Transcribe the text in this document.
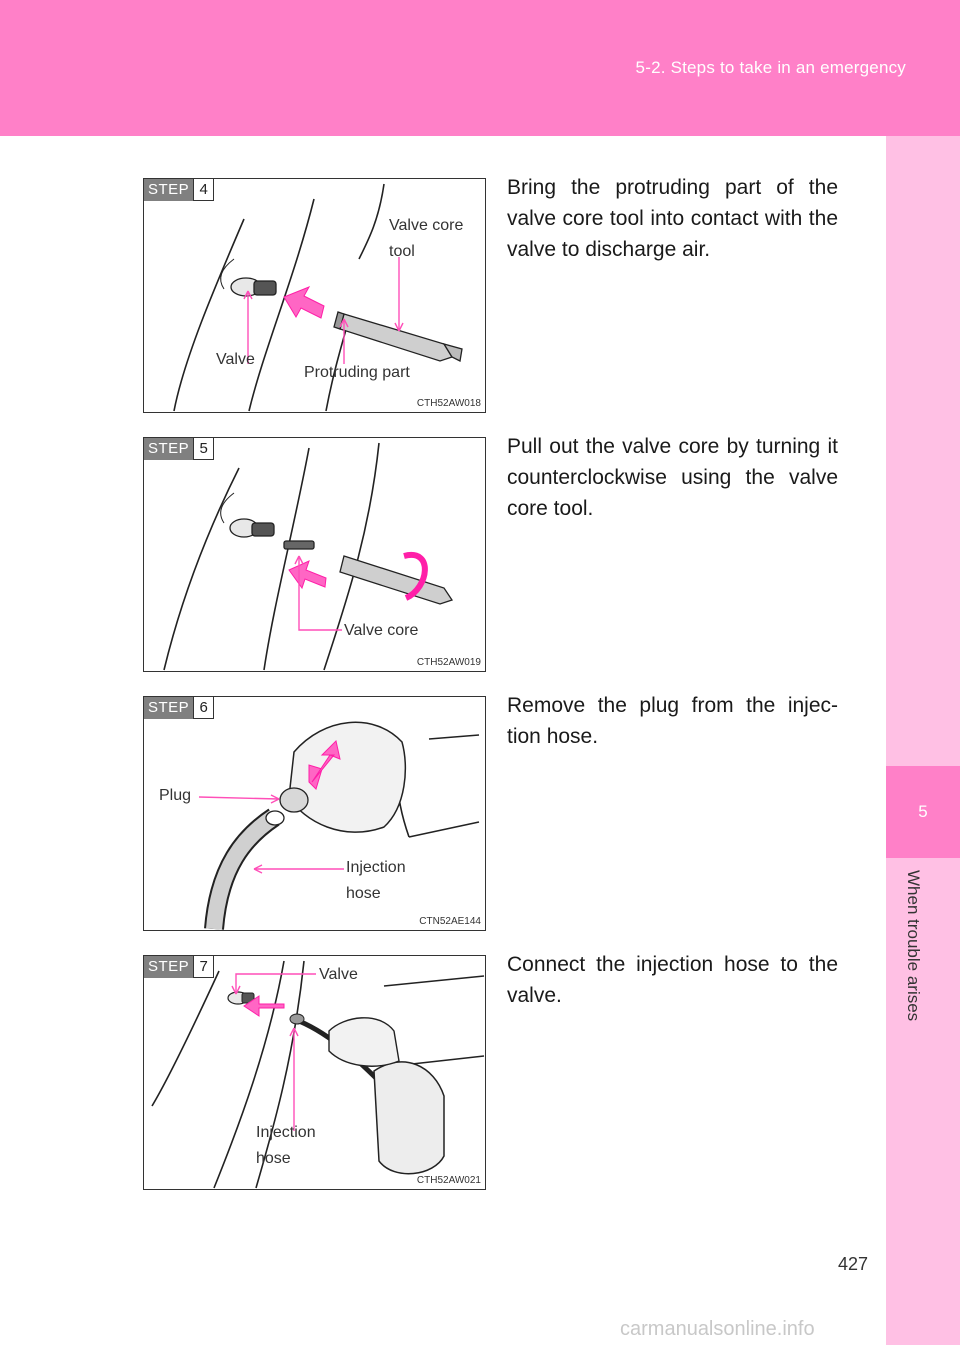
5-2. Steps to take in an emergency
5
When trouble arises
STEP 4
Valve core
tool
Valve
Protruding part
CTH52AW018
Bring the protruding part of the valve core tool into contact with the valve to discharge air.
STEP 5
Valve core
CTH52AW019
Pull out the valve core by turning it counterclockwise using the valve core tool.
STEP 6
Plug
Injection
hose
CTN52AE144
Remove the plug from the injec- tion hose.
STEP 7	Valve
Injection
hose
CTH52AW021
Connect the injection hose to the valve.
427
carmanualsonline.info
